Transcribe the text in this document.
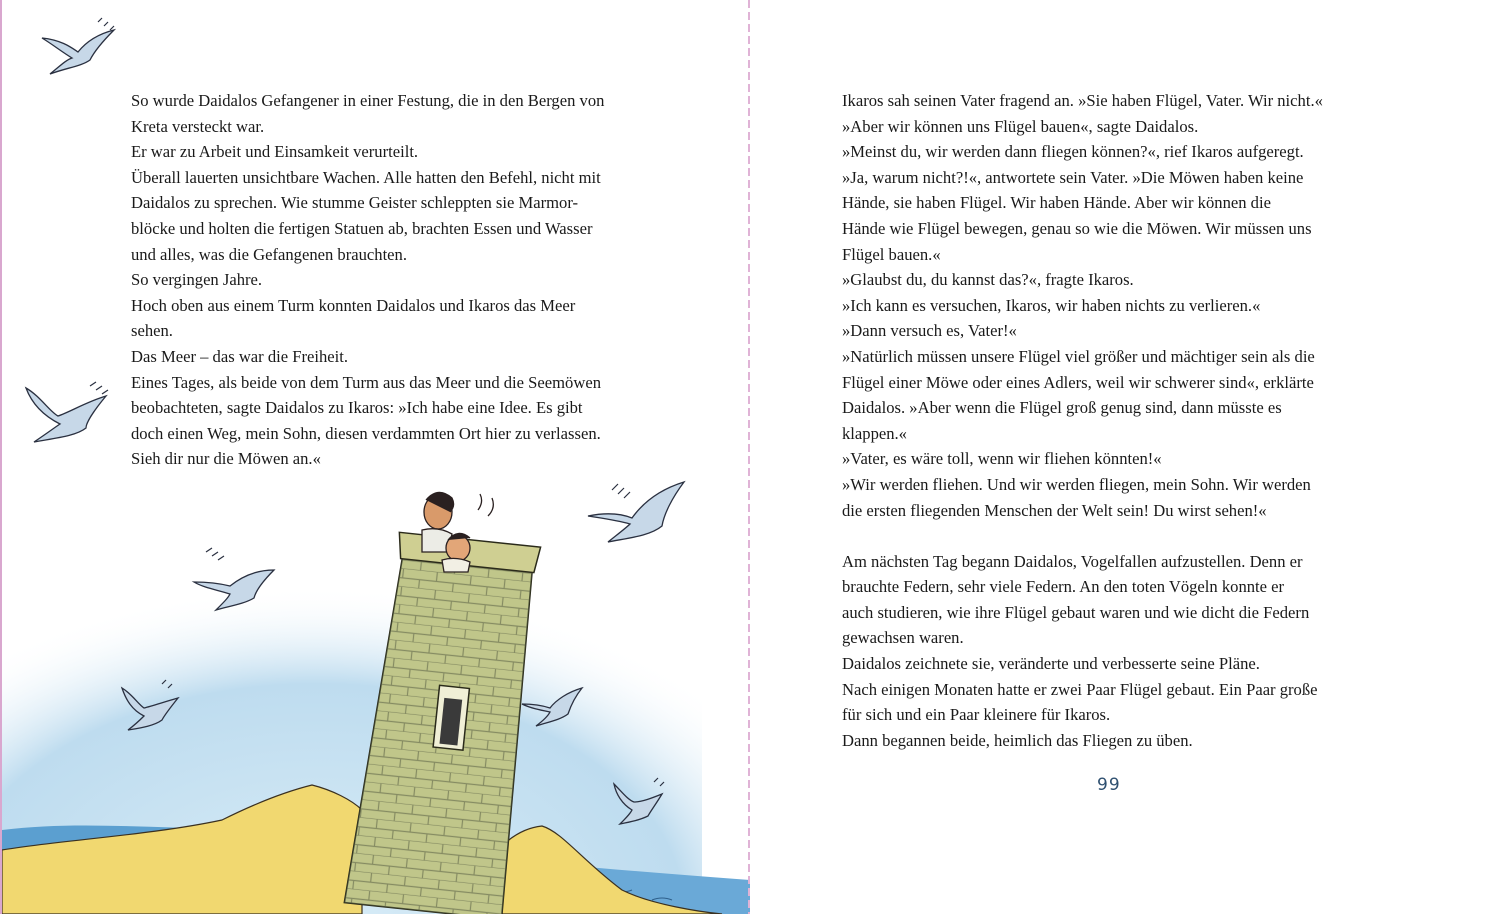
So wurde Daidalos Gefangener in einer Festung, die in den Bergen von
Kreta versteckt war.
Er war zu Arbeit und Einsamkeit verurteilt.
Überall lauerten unsichtbare Wachen. Alle hatten den Befehl, nicht mit
Daidalos zu sprechen. Wie stumme Geister schleppten sie Marmor-
blöcke und holten die fertigen Statuen ab, brachten Essen und Wasser
und alles, was die Gefangenen brauchten.
So vergingen Jahre.
Hoch oben aus einem Turm konnten Daidalos und Ikaros das Meer
sehen.
Das Meer – das war die Freiheit.
Eines Tages, als beide von dem Turm aus das Meer und die Seemöwen
beobachteten, sagte Daidalos zu Ikaros: »Ich habe eine Idee. Es gibt
doch einen Weg, mein Sohn, diesen verdammten Ort hier zu verlassen.
Sieh dir nur die Möwen an.«
Ikaros sah seinen Vater fragend an. »Sie haben Flügel, Vater. Wir nicht.«
»Aber wir können uns Flügel bauen«, sagte Daidalos.
»Meinst du, wir werden dann fliegen können?«, rief Ikaros aufgeregt.
»Ja, warum nicht?!«, antwortete sein Vater. »Die Möwen haben keine
Hände, sie haben Flügel. Wir haben Hände. Aber wir können die
Hände wie Flügel bewegen, genau so wie die Möwen. Wir müssen uns
Flügel bauen.«
»Glaubst du, du kannst das?«, fragte Ikaros.
»Ich kann es versuchen, Ikaros, wir haben nichts zu verlieren.«
»Dann versuch es, Vater!«
»Natürlich müssen unsere Flügel viel größer und mächtiger sein als die
Flügel einer Möwe oder eines Adlers, weil wir schwerer sind«, erklärte
Daidalos. »Aber wenn die Flügel groß genug sind, dann müsste es
klappen.«
»Vater, es wäre toll, wenn wir fliehen könnten!«
»Wir werden fliehen. Und wir werden fliegen, mein Sohn. Wir werden
die ersten fliegenden Menschen der Welt sein! Du wirst sehen!«
Am nächsten Tag begann Daidalos, Vogelfallen aufzustellen. Denn er
brauchte Federn, sehr viele Federn. An den toten Vögeln konnte er
auch studieren, wie ihre Flügel gebaut waren und wie dicht die Federn
gewachsen waren.
Daidalos zeichnete sie, veränderte und verbesserte seine Pläne.
Nach einigen Monaten hatte er zwei Paar Flügel gebaut. Ein Paar große
für sich und ein Paar kleinere für Ikaros.
Dann begannen beide, heimlich das Fliegen zu üben.
99
